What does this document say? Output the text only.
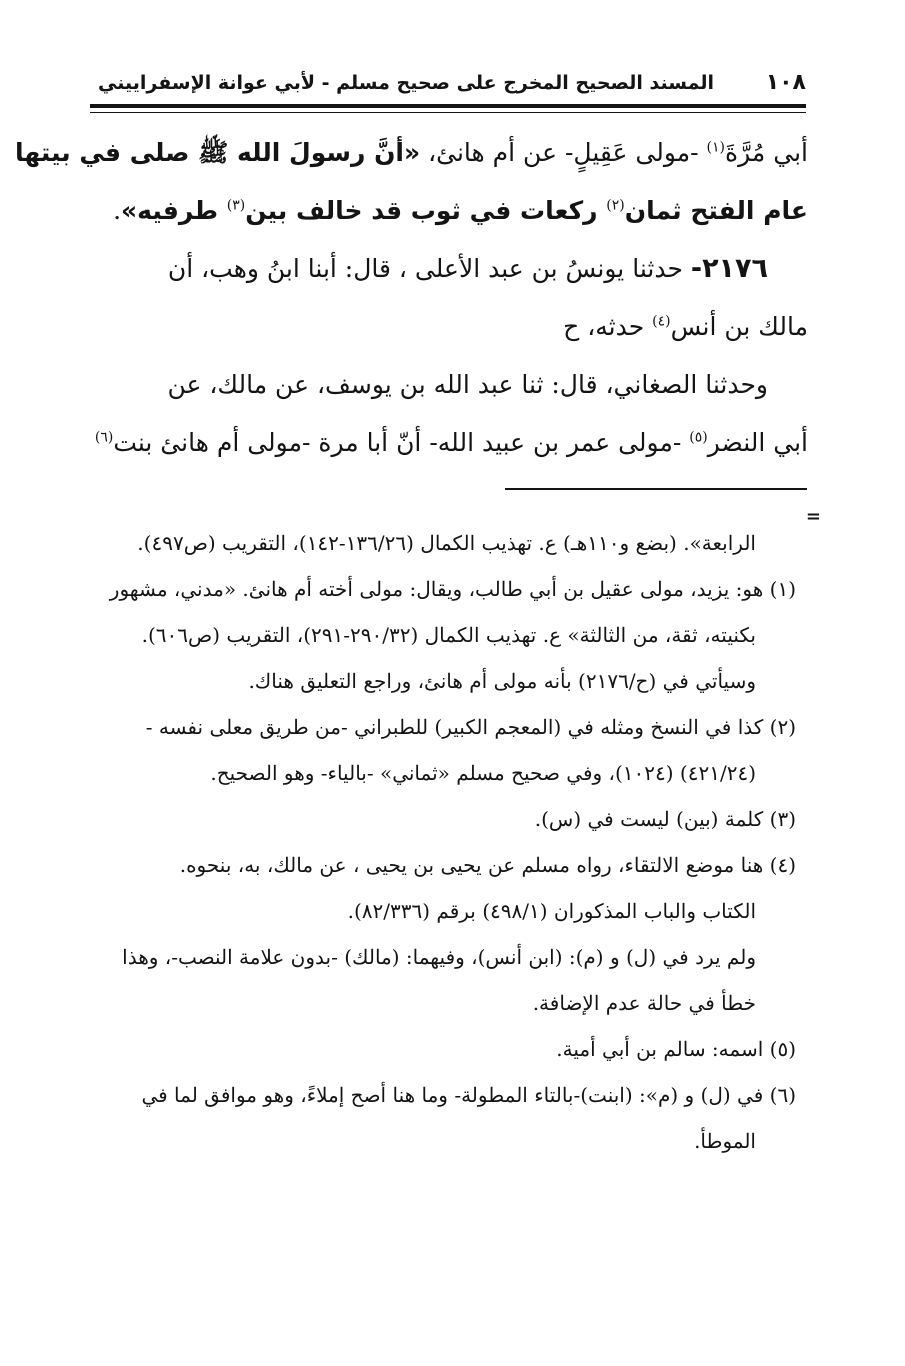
١٠٨
المسند الصحيح المخرج على صحيح مسلم - لأبي عوانة الإسفراييني
أبي مُرَّةَ$^{(١)}$ -مولى عَقِيلٍ- عن أم هانئ، «أنَّ رسولَ الله ﷺ صلى في بيتها
عام الفتح ثمان$^{(٢)}$ ركعات في ثوب قد خالف بين$^{(٣)}$ طرفيه».
٢١٧٦- حدثنا يونسُ بن عبد الأعلى ، قال: أبنا ابنُ وهب، أن
مالك بن أنس$^{(٤)}$ حدثه، ح
وحدثنا الصغاني، قال: ثنا عبد الله بن يوسف، عن مالك، عن
أبي النضر$^{(٥)}$ -مولى عمر بن عبيد الله- أنّ أبا مرة -مولى أم هانئ بنت$^{(٦)}$
=
الرابعة». (بضع و١١٠هـ) ع. تهذيب الكمال (١٣٦/٢٦-١٤٢)، التقريب (ص٤٩٧).
(١) هو: يزيد، مولى عقيل بن أبي طالب، ويقال: مولى أخته أم هانئ. «مدني، مشهور
بكنيته، ثقة، من الثالثة» ع. تهذيب الكمال (٢٩٠/٣٢-٢٩١)، التقريب (ص٦٠٦).
وسيأتي في (ح/٢١٧٦) بأنه مولى أم هانئ، وراجع التعليق هناك.
(٢) كذا في النسخ ومثله في (المعجم الكبير) للطبراني -من طريق معلى نفسه -
(٤٢١/٢٤) (١٠٢٤)، وفي صحيح مسلم «ثماني» -بالياء- وهو الصحيح.
(٣) كلمة (بين) ليست في (س).
(٤) هنا موضع الالتقاء، رواه مسلم عن يحيى بن يحيى ، عن مالك، به، بنحوه.
الكتاب والباب المذكوران (٤٩٨/١) برقم (٨٢/٣٣٦).
ولم يرد في (ل) و (م): (ابن أنس)، وفيهما: (مالك) -بدون علامة النصب-، وهذا
خطأ في حالة عدم الإضافة.
(٥) اسمه: سالم بن أبي أمية.
(٦) في (ل) و (م»: (ابنت)-بالتاء المطولة- وما هنا أصح إملاءً، وهو موافق لما في
الموطأ.
